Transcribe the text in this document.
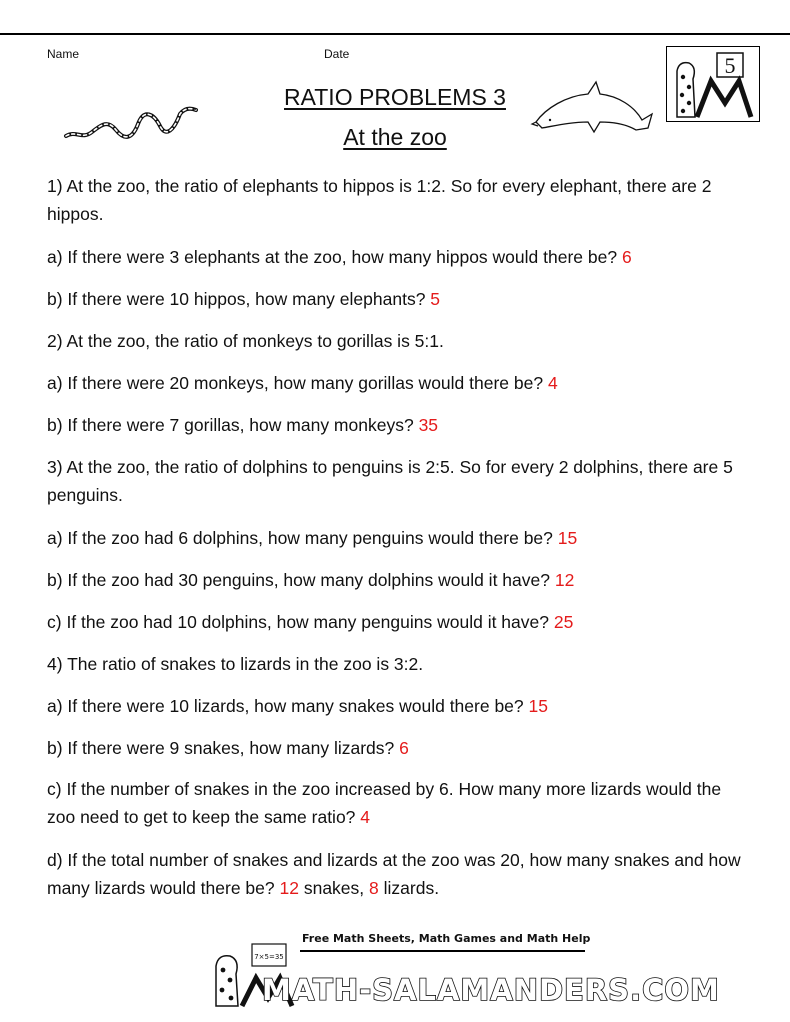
Name	Date	5
RATIO PROBLEMS 3
At the zoo
1) At the zoo, the ratio of elephants to hippos is 1:2. So for every elephant, there are 2 hippos.
a) If there were 3 elephants at the zoo, how many hippos would there be? 6
b) If there were 10 hippos, how many elephants? 5
2) At the zoo, the ratio of monkeys to gorillas is 5:1.
a) If there were 20 monkeys, how many gorillas would there be? 4
b) If there were 7 gorillas, how many monkeys? 35
3) At the zoo, the ratio of dolphins to penguins is 2:5. So for every 2 dolphins, there are 5 penguins.
a) If the zoo had 6 dolphins, how many penguins would there be? 15
b) If the zoo had 30 penguins, how many dolphins would it have? 12
c) If the zoo had 10 dolphins, how many penguins would it have? 25
4) The ratio of snakes to lizards in the zoo is 3:2.
a) If there were 10 lizards, how many snakes would there be? 15
b) If there were 9 snakes, how many lizards? 6
c) If the number of snakes in the zoo increased by 6. How many more lizards would the zoo need to get to keep the same ratio? 4
d) If the total number of snakes and lizards at the zoo was 20, how many snakes and how many lizards would there be? 12 snakes, 8 lizards.
7×5=35
Free Math Sheets, Math Games and Math Help
MATH-SALAMANDERS.COM
